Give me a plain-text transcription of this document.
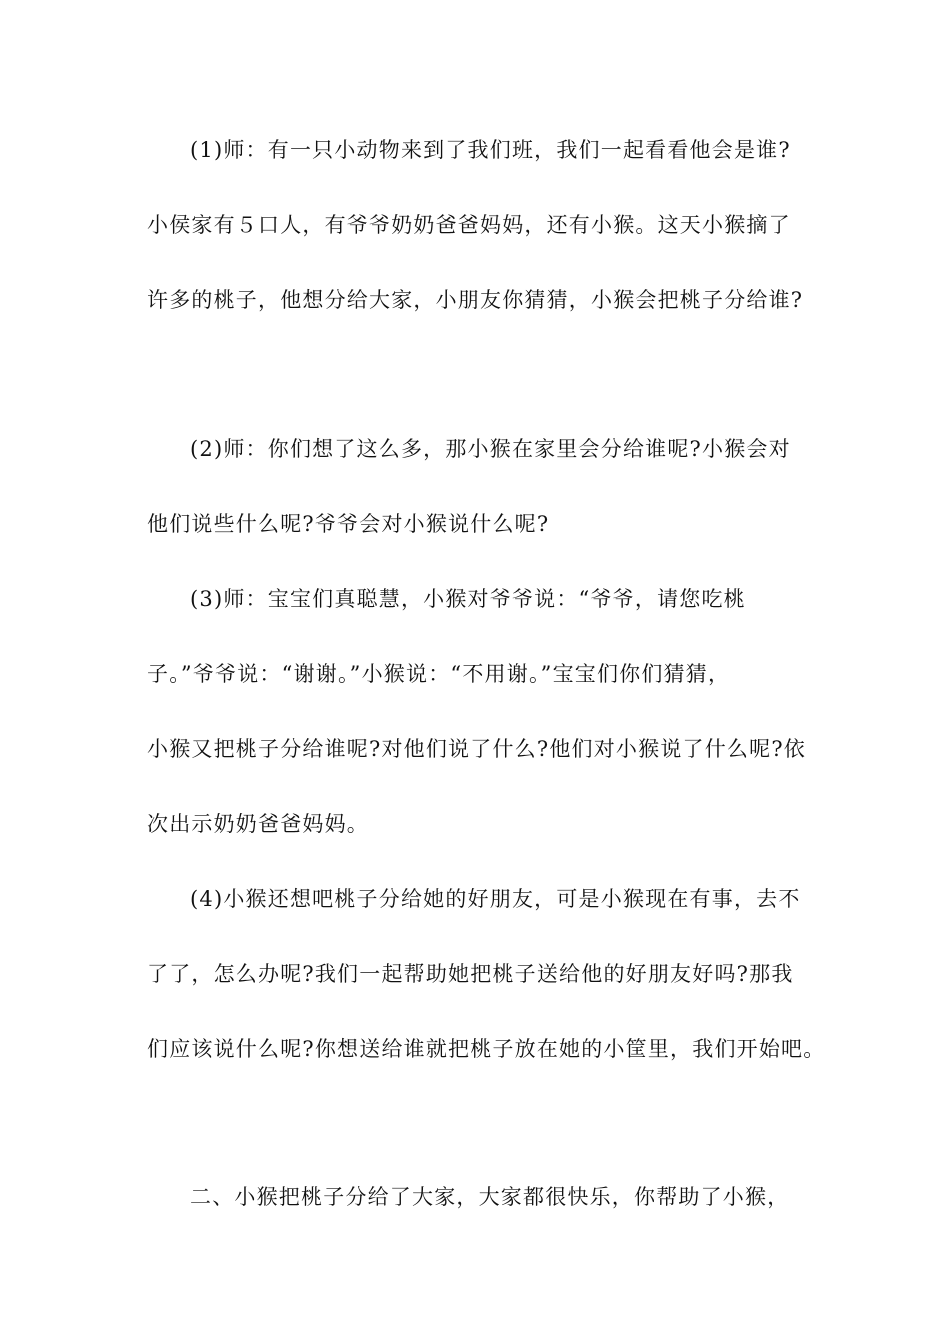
(1)师：有一只小动物来到了我们班，我们一起看看他会是谁?
小侯家有５口人，有爷爷奶奶爸爸妈妈，还有小猴。这天小猴摘了
许多的桃子，他想分给大家，小朋友你猜猜，小猴会把桃子分给谁?
(2)师：你们想了这么多，那小猴在家里会分给谁呢?小猴会对
他们说些什么呢?爷爷会对小猴说什么呢?
(3)师：宝宝们真聪慧，小猴对爷爷说：“爷爷，请您吃桃
子。”爷爷说：“谢谢。”小猴说：“不用谢。”宝宝们你们猜猜，
小猴又把桃子分给谁呢?对他们说了什么?他们对小猴说了什么呢?依
次出示奶奶爸爸妈妈。
(4)小猴还想吧桃子分给她的好朋友，可是小猴现在有事，去不
了了，怎么办呢?我们一起帮助她把桃子送给他的好朋友好吗?那我
们应该说什么呢?你想送给谁就把桃子放在她的小筐里，我们开始吧。
二、小猴把桃子分给了大家，大家都很快乐，你帮助了小猴，
